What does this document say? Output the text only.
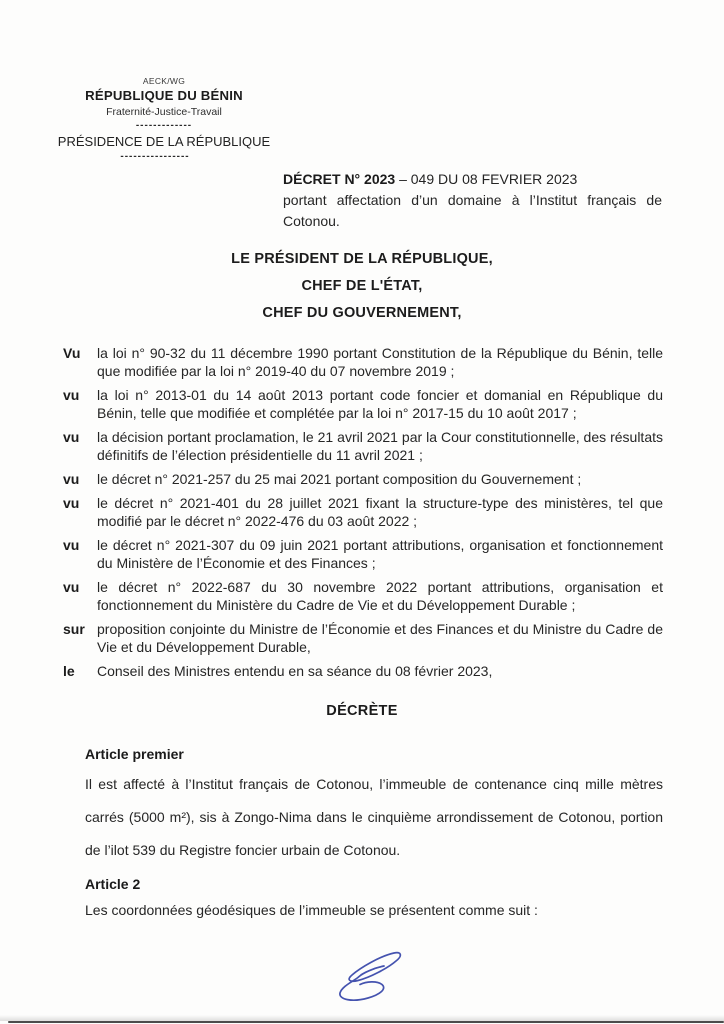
AECK/WG
RÉPUBLIQUE DU BÉNIN
Fraternité-Justice-Travail
-------------
PRÉSIDENCE DE LA RÉPUBLIQUE
----------------
DÉCRET N° 2023 – 049 DU 08 FEVRIER 2023
portant affectation d’un domaine à l’Institut français de Cotonou.
LE PRÉSIDENT DE LA RÉPUBLIQUE,
CHEF DE L'ÉTAT,
CHEF DU GOUVERNEMENT,
Vu	la loi n° 90-32 du 11 décembre 1990 portant Constitution de la République du Bénin, telle que modifiée par la loi n° 2019-40 du 07 novembre 2019 ;
vu	la loi n° 2013-01 du 14 août 2013 portant code foncier et domanial en République du Bénin, telle que modifiée et complétée par la loi n° 2017-15 du 10 août 2017 ;
vu	la décision portant proclamation, le 21 avril 2021 par la Cour constitutionnelle, des résultats définitifs de l’élection présidentielle du 11 avril 2021 ;
vu	le décret n° 2021-257 du 25 mai 2021 portant composition du Gouvernement ;
vu	le décret n° 2021-401 du 28 juillet 2021 fixant la structure-type des ministères, tel que modifié par le décret n° 2022-476 du 03 août 2022 ;
vu	le décret n° 2021-307 du 09 juin 2021 portant attributions, organisation et fonctionnement du Ministère de l’Économie et des Finances ;
vu	le décret n° 2022-687 du 30 novembre 2022 portant attributions, organisation et fonctionnement du Ministère du Cadre de Vie et du Développement Durable ;
sur proposition conjointe du Ministre de l’Économie et des Finances et du Ministre du Cadre de Vie et du Développement Durable,
le	Conseil des Ministres entendu en sa séance du 08 février 2023,
DÉCRÈTE
Article premier
Il est affecté à l’Institut français de Cotonou, l’immeuble de contenance cinq mille mètres carrés (5000 m²), sis à Zongo-Nima dans le cinquième arrondissement de Cotonou, portion de l’ilot 539 du Registre foncier urbain de Cotonou.
Article 2
Les coordonnées géodésiques de l’immeuble se présentent comme suit :
